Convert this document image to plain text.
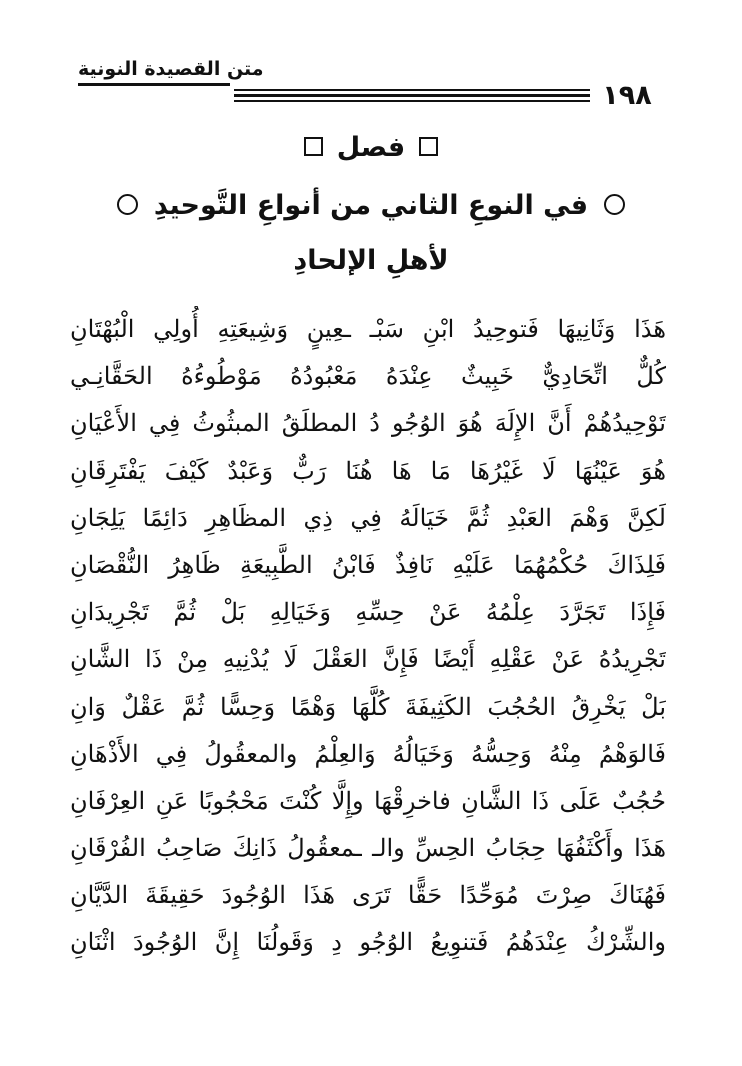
متن القصيدة النونية
١٩٨
فصل
في النوعِ الثاني من أنواعِ التَّوحيدِ
لأهلِ الإلحادِ
هَذَا وَثَانِيهَا فَتوحِيدُ ابْنِ سَبْـ ـعِينٍ وَشِيعَتِهِ أُولِي الْبُهْتَانِ
كُلٌّ اتِّحَادِيٌّ خَبِيثٌ عِنْدَهُ مَعْبُودُهُ مَوْطُوءُهُ الحَقَّانِـي
تَوْحِيدُهُمْ أَنَّ الإِلَهَ هُوَ الوُجُو دُ المطلَقُ المبثُوثُ فِي الأَعْيَانِ
هُوَ عَيْنُهَا لَا غَيْرُهَا مَا هَا هُنَا رَبٌّ وَعَبْدٌ كَيْفَ يَفْتَرِقَانِ
لَكِنَّ وَهْمَ العَبْدِ ثُمَّ خَيَالَهُ فِي ذِي المظَاهِرِ دَائِمًا يَلِجَانِ
فَلِذَاكَ حُكْمُهُمَا عَلَيْهِ نَافِذٌ فَابْنُ الطَّبِيعَةِ ظَاهِرُ النُّقْصَانِ
فَإِذَا تَجَرَّدَ عِلْمُهُ عَنْ حِسِّهِ وَخَيَالِهِ بَلْ ثُمَّ تَجْرِيدَانِ
تَجْرِيدُهُ عَنْ عَقْلِهِ أَيْضًا فَإِنَّ العَقْلَ لَا يُدْنِيهِ مِنْ ذَا الشَّانِ
بَلْ يَخْرِقُ الحُجُبَ الكَثِيفَةَ كُلَّهَا وَهْمًا وَحِسًّا ثُمَّ عَقْلٌ وَانِ
فَالوَهْمُ مِنْهُ وَحِسُّهُ وَخَيَالُهُ وَالعِلْمُ والمعقُولُ فِي الأَذْهَانِ
حُجُبٌ عَلَى ذَا الشَّانِ فاخرِقْهَا وإِلَّا كُنْتَ مَحْجُوبًا عَنِ العِرْفَانِ
هَذَا وأَكْثَفُهَا حِجَابُ الحِسِّ والـ ـمعقُولُ ذَانِكَ صَاحِبُ الفُرْقَانِ
فَهُنَاكَ صِرْتَ مُوَحِّدًا حَقًّا تَرَى هَذَا الوُجُودَ حَقِيقَةَ الدَّيَّانِ
والشِّرْكُ عِنْدَهُمُ فَتنوِيعُ الوُجُو دِ وَقَولُنَا إِنَّ الوُجُودَ اثْنَانِ
